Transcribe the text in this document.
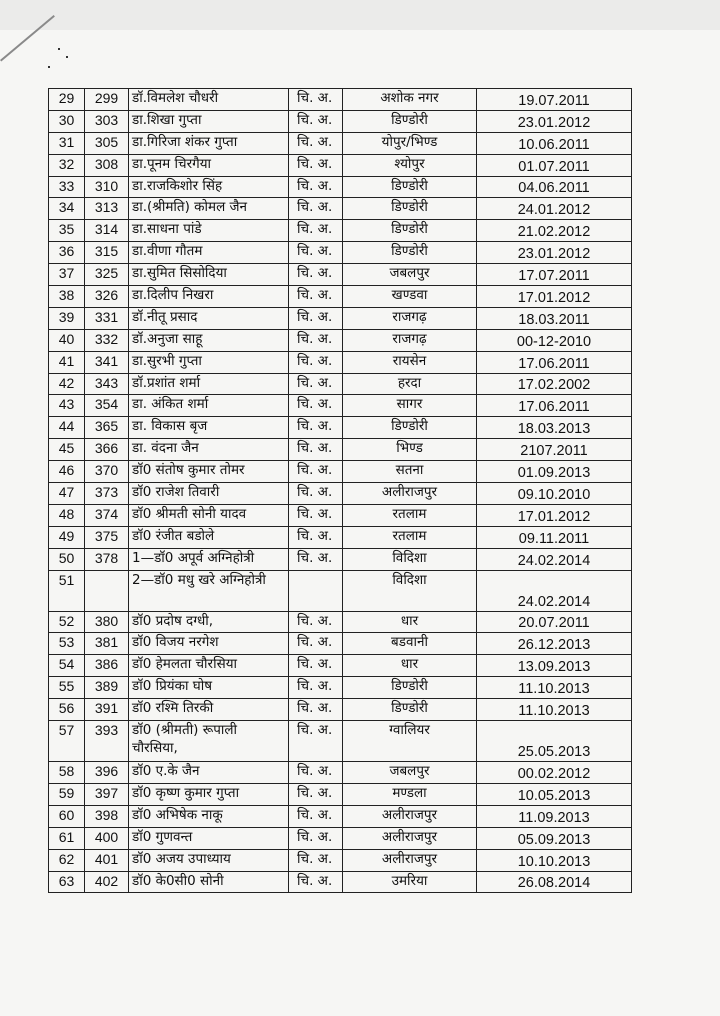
29	299	डॉ.विमलेश चौधरी	चि. अ.	अशोक नगर	19.07.2011
30	303	डा.शिखा गुप्ता	चि. अ.	डिण्डोरी	23.01.2012
31	305	डा.गिरिजा शंकर गुप्ता	चि. अ.	योपुर/भिण्ड	10.06.2011
32	308	डा.पूनम चिरगैया	चि. अ.	श्योपुर	01.07.2011
33	310	डा.राजकिशोर सिंह	चि. अ.	डिण्डोरी	04.06.2011
34	313	डा.(श्रीमति) कोमल जैन	चि. अ.	डिण्डोरी	24.01.2012
35	314	डा.साधना पांडे	चि. अ.	डिण्डोरी	21.02.2012
36	315	डा.वीणा गौतम	चि. अ.	डिण्डोरी	23.01.2012
37	325	डा.सुमित सिसोदिया	चि. अ.	जबलपुर	17.07.2011
38	326	डा.दिलीप निखरा	चि. अ.	खण्डवा	17.01.2012
39	331	डॉ.नीतू प्रसाद	चि. अ.	राजगढ़	18.03.2011
40	332	डॉ.अनुजा साहू	चि. अ.	राजगढ़	00-12-2010
41	341	डा.सुरभी गुप्ता	चि. अ.	रायसेन	17.06.2011
42	343	डॉ.प्रशांत शर्मा	चि. अ.	हरदा	17.02.2002
43	354	डा. अंकित शर्मा	चि. अ.	सागर	17.06.2011
44	365	डा. विकास बृज	चि. अ.	डिण्डोरी	18.03.2013
45	366	डा. वंदना जैन	चि. अ.	भिण्ड	2107.2011
46	370	डॉ0 संतोष कुमार तोमर	चि. अ.	सतना	01.09.2013
47	373	डॉ0 राजेश तिवारी	चि. अ.	अलीराजपुर	09.10.2010
48	374	डॉ0 श्रीमती सोनी यादव	चि. अ.	रतलाम	17.01.2012
49	375	डॉ0 रंजीत बडोले	चि. अ.	रतलाम	09.11.2011
50	378	1—डॉ0 अपूर्व अग्निहोत्री	चि. अ.	विदिशा	24.02.2014
51		2—डॉ0 मधु खरे अग्निहोत्री		विदिशा	24.02.2014
52	380	डॉ0 प्रदोष दग्धी,	चि. अ.	धार	20.07.2011
53	381	डॉ0 विजय नरगेश	चि. अ.	बडवानी	26.12.2013
54	386	डॉ0 हेमलता चौरसिया	चि. अ.	धार	13.09.2013
55	389	डॉ0 प्रियंका घोष	चि. अ.	डिण्डोरी	11.10.2013
56	391	डॉ0 रश्मि तिरकी	चि. अ.	डिण्डोरी	11.10.2013
57	393	डॉ0 (श्रीमती) रूपाली चौरसिया,	चि. अ.	ग्वालियर	25.05.2013
58	396	डॉ0 ए.के जैन	चि. अ.	जबलपुर	00.02.2012
59	397	डॉ0 कृष्ण कुमार गुप्ता	चि. अ.	मण्डला	10.05.2013
60	398	डॉ0 अभिषेक नाकू	चि. अ.	अलीराजपुर	11.09.2013
61	400	डॉ0 गुणवन्त	चि. अ.	अलीराजपुर	05.09.2013
62	401	डॉ0 अजय उपाध्याय	चि. अ.	अलीराजपुर	10.10.2013
63	402	डॉ0 के0सी0 सोनी	चि. अ.	उमरिया	26.08.2014
